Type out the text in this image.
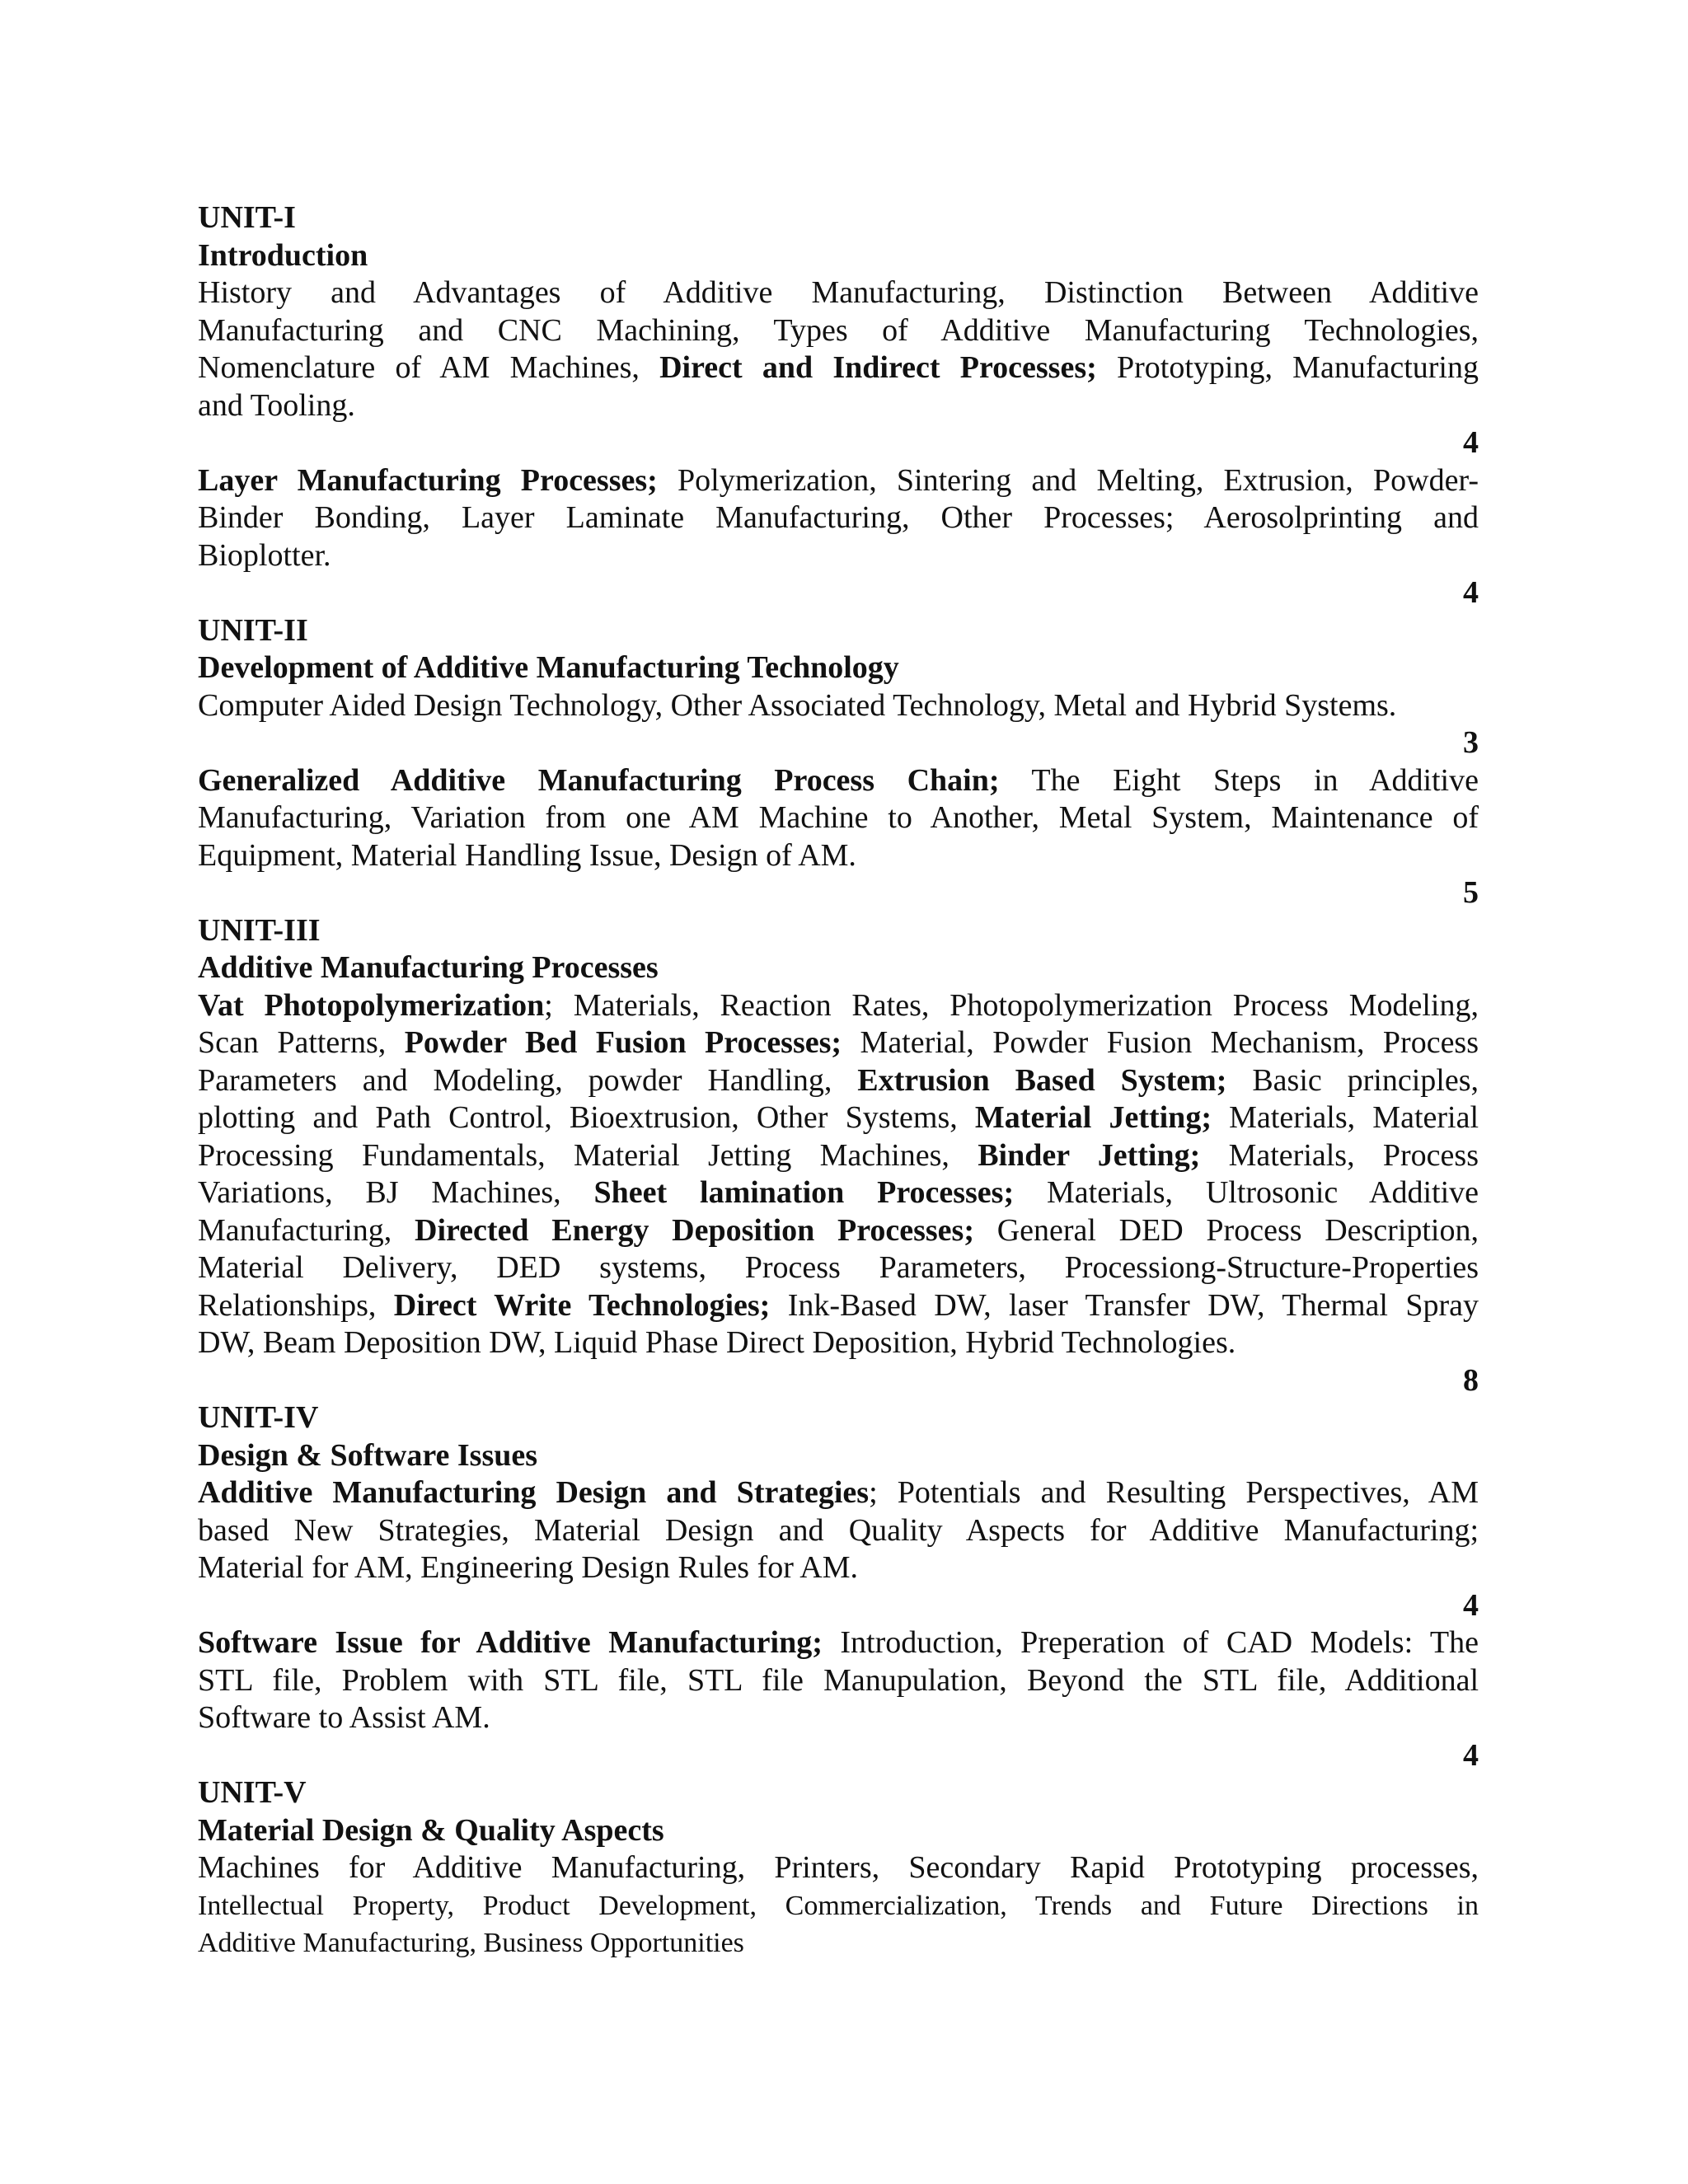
UNIT-I
Introduction
History and Advantages of Additive Manufacturing, Distinction Between Additive
Manufacturing and CNC Machining, Types of Additive Manufacturing Technologies,
Nomenclature of AM Machines, Direct and Indirect Processes; Prototyping, Manufacturing
and Tooling.
4
Layer Manufacturing Processes; Polymerization, Sintering and Melting, Extrusion, Powder-
Binder Bonding, Layer Laminate Manufacturing, Other Processes; Aerosolprinting and
Bioplotter.
4
UNIT-II
Development of Additive Manufacturing Technology
Computer Aided Design Technology, Other Associated Technology, Metal and Hybrid Systems.
3
Generalized Additive Manufacturing Process Chain; The Eight Steps in Additive
Manufacturing, Variation from one AM Machine to Another, Metal System, Maintenance of
Equipment, Material Handling Issue, Design of AM.
5
UNIT-III
Additive Manufacturing Processes
Vat Photopolymerization; Materials, Reaction Rates, Photopolymerization Process Modeling,
Scan Patterns, Powder Bed Fusion Processes; Material, Powder Fusion Mechanism, Process
Parameters and Modeling, powder Handling, Extrusion Based System; Basic principles,
plotting and Path Control, Bioextrusion, Other Systems, Material Jetting; Materials, Material
Processing Fundamentals, Material Jetting Machines, Binder Jetting; Materials, Process
Variations, BJ Machines, Sheet lamination Processes; Materials, Ultrosonic Additive
Manufacturing, Directed Energy Deposition Processes; General DED Process Description,
Material Delivery, DED systems, Process Parameters, Processiong-Structure-Properties
Relationships, Direct Write Technologies; Ink-Based DW, laser Transfer DW, Thermal Spray
DW, Beam Deposition DW, Liquid Phase Direct Deposition, Hybrid Technologies.
8
UNIT-IV
Design & Software Issues
Additive Manufacturing Design and Strategies; Potentials and Resulting Perspectives, AM
based New Strategies, Material Design and Quality Aspects for Additive Manufacturing;
Material for AM, Engineering Design Rules for AM.
4
Software Issue for Additive Manufacturing; Introduction, Preperation of CAD Models: The
STL file, Problem with STL file, STL file Manupulation, Beyond the STL file, Additional
Software to Assist AM.
4
UNIT-V
Material Design & Quality Aspects
Machines for Additive Manufacturing, Printers, Secondary Rapid Prototyping processes,
Intellectual Property, Product Development, Commercialization, Trends and Future Directions in
Additive Manufacturing, Business Opportunities
